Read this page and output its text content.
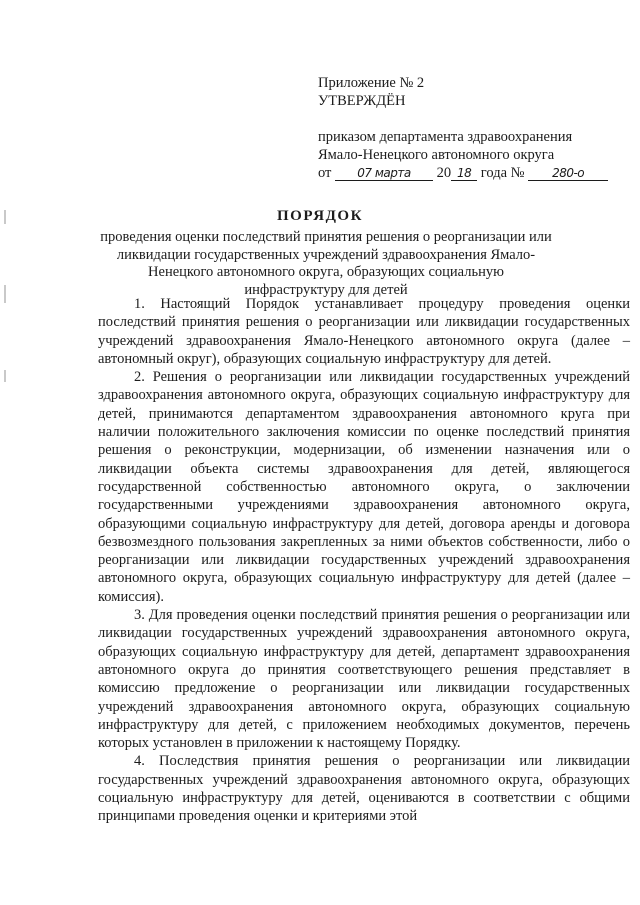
Приложение № 2
УТВЕРЖДЁН
приказом департамента здравоохранения
Ямало-Ненецкого автономного округа
от 07 марта 20 18 года № 280-о
ПОРЯДОК
проведения оценки последствий принятия решения о реорганизации или ликвидации государственных учреждений здравоохранения Ямало-Ненецкого автономного округа, образующих социальную инфраструктуру для детей

1. Настоящий Порядок устанавливает процедуру проведения оценки последствий принятия решения о реорганизации или ликвидации государственных учреждений здравоохранения Ямало-Ненецкого автономного округа (далее – автономный округ), образующих социальную инфраструктуру для детей.

2. Решения о реорганизации или ликвидации государственных учреждений здравоохранения автономного округа, образующих социальную инфраструктуру для детей, принимаются департаментом здравоохранения автономного круга при наличии положительного заключения комиссии по оценке последствий принятия решения о реконструкции, модернизации, об изменении назначения или о ликвидации объекта системы здравоохранения для детей, являющегося государственной собственностью автономного округа, о заключении государственными учреждениями здравоохранения автономного округа, образующими социальную инфраструктуру для детей, договора аренды и договора безвозмездного пользования закрепленных за ними объектов собственности, либо о реорганизации или ликвидации государственных учреждений здравоохранения автономного округа, образующих социальную инфраструктуру для детей (далее – комиссия).

3. Для проведения оценки последствий принятия решения о реорганизации или ликвидации государственных учреждений здравоохранения автономного округа, образующих социальную инфраструктуру для детей, департамент здравоохранения автономного округа до принятия соответствующего решения представляет в комиссию предложение о реорганизации или ликвидации государственных учреждений здравоохранения автономного округа, образующих социальную инфраструктуру для детей, с приложением необходимых документов, перечень которых установлен в приложении к настоящему Порядку.

4. Последствия принятия решения о реорганизации или ликвидации государственных учреждений здравоохранения автономного округа, образующих социальную инфраструктуру для детей, оцениваются в соответствии с общими принципами проведения оценки и критериями этой
